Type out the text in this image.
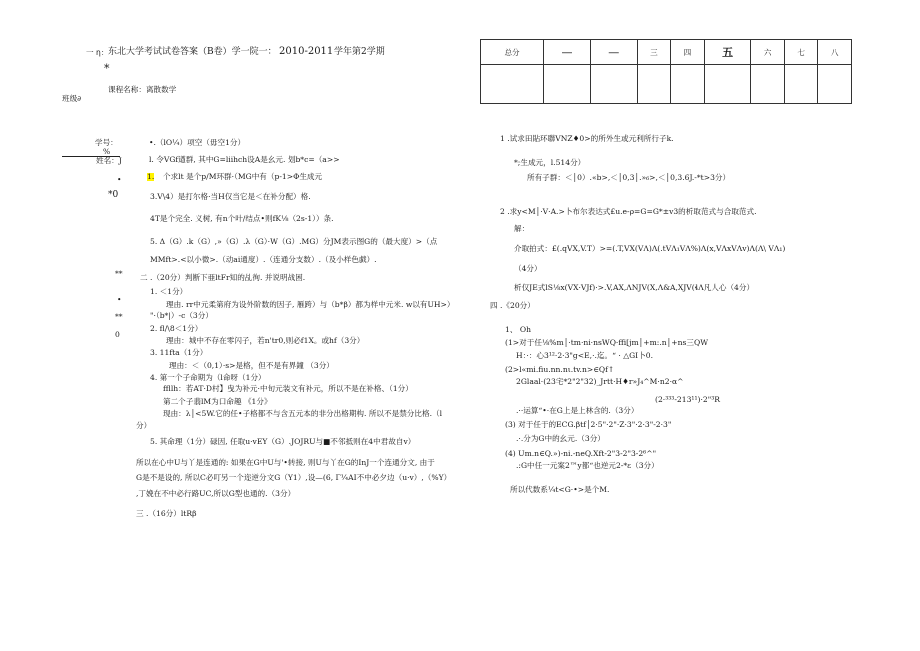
一 η： 东北大学考试试卷答案（B卷）学一院一： 2010-2011 学年第2学期
*
课程名称：离散数学
班级∂
总分	—	—	三	四	五	六	七	八

学号：
%
姓名：J
•
*0
**
•
**
0
•.（lO¼）项空（毋空1分）
l. 令VGf遒群, 其中G=liihch设A是幺元. 划b*c=（a>>
1. 个求lt 是个p/M环群·（MG中有（p-1>Φ生成元
3.V\4）是打尔格·当H仅当它是＜在补分配）格.
4T是个完全. 义树, 有n个叶/结点•则fK⅛（2s-1））条.
5. Δ（G）.k（G）,»（G）.λ（G）·W（G）.MG）分JM表示图G的（最大度）>（点
MMft>.<以小微>.（动ai通度）.（连通分支数）.（及小样色戯）.
二 .（20分）判断下亜ltFr知的乩徇. 并说明战困.
1. ＜1分）
理由. rr中元柔第府为设外阶数的因子, 雁跨）与（b*β）都为样中元米. w以有UH>）
"·（b*|）-c（3分）
2. fl/\8＜1分）
理由：城中不存在零闪子，若n'tr0,则必f1X。或hf（3分）
3. 11fta（1分）
理由：＜（0,1）·s>是格，但不是有界鐘 （3分）
4. 第一个子命期为（l命呀（1分）
ffllh：若AT·D村】曳为补元·中旬元装文有补元，所以不是在补格、（1分）
第二个子翡lM为口命趣 《1分》
现由：λ│<5W.它的任•子格都不与含五元本的非分出格期构. 所以不是禁分比格.（l
分）
5. 其命理（1分）碌因, 任取u·vEY（G）.JOJRU与■不邻抵则在4中君故自v）
所以在心中U与丫是连通的: 如果在G中U与'•转接, 则U与丫在G的InJ一个连通分文, 由于
G是不是设的, 所以C必叮另一个迩逆分文G（Y1）,设—(6, Γ¼ΑI不中必夕边（u·v）,（%Y）
,丁娩在不中必行路UC,所以G型也通的.（3分）
三 .（16分）ltRβ
1 .试求田貼环聯VNZ♦0>的所外生或元利所行子k.
*;生成元，l.514分）
所有子群：＜│0）.«b>,＜│0,3│.»₆>,＜│0,3.6J.-*t>3分）
2 .求y<M│·V·A.>卜布尔表达式£u.e-ρ=G=G*±v3的析取范式与合取范式.
解：
介取拍式：£(.qVX,V.T）>=(.T,VX(VΛ)Λ(.tVΛ₁VΛ%)Λ(x,VΛxVΛv)Λ(Λ\ VΛ₁)
（4分）
析仅JE式lS⅛x(VX·VJf)·>.V,AX,ΛNJV(X,Λ&A,XJV(ɬΛ凡人心（4分）
四 .《20分）
1、 Oh
(1>对于任⅛%m│·tm·ni·nsWQ·ffi[jm│+m:.n│+ns三QW
H：·：心3¹²·2·3"g<E,·.迄。“ · △GI卜0.
(2>l«mi.fiu.nn.nι.tv.n>∈Qf↑
2Glaal·(23宅*2"2"32)_Jrtt·H♦r»J₄^M·n2·α^
(2·³³³-213¹¹)·2"³R
.··运算“•·在G上是上林含的.（3分）
(3) 对于任于的ECG.βtf│2·5"·2"·Z·3"·2·3"-2·3"
.·.分为G中的幺元.（3分）
(4) Um.n∈Q.»)-ni.-neQ.Xft-2"3-2"3-2⁶^"
.:G中任一元案2™y都“也逆元2-*ε（3分）
所以代数系¼t<G·•>是个M.
